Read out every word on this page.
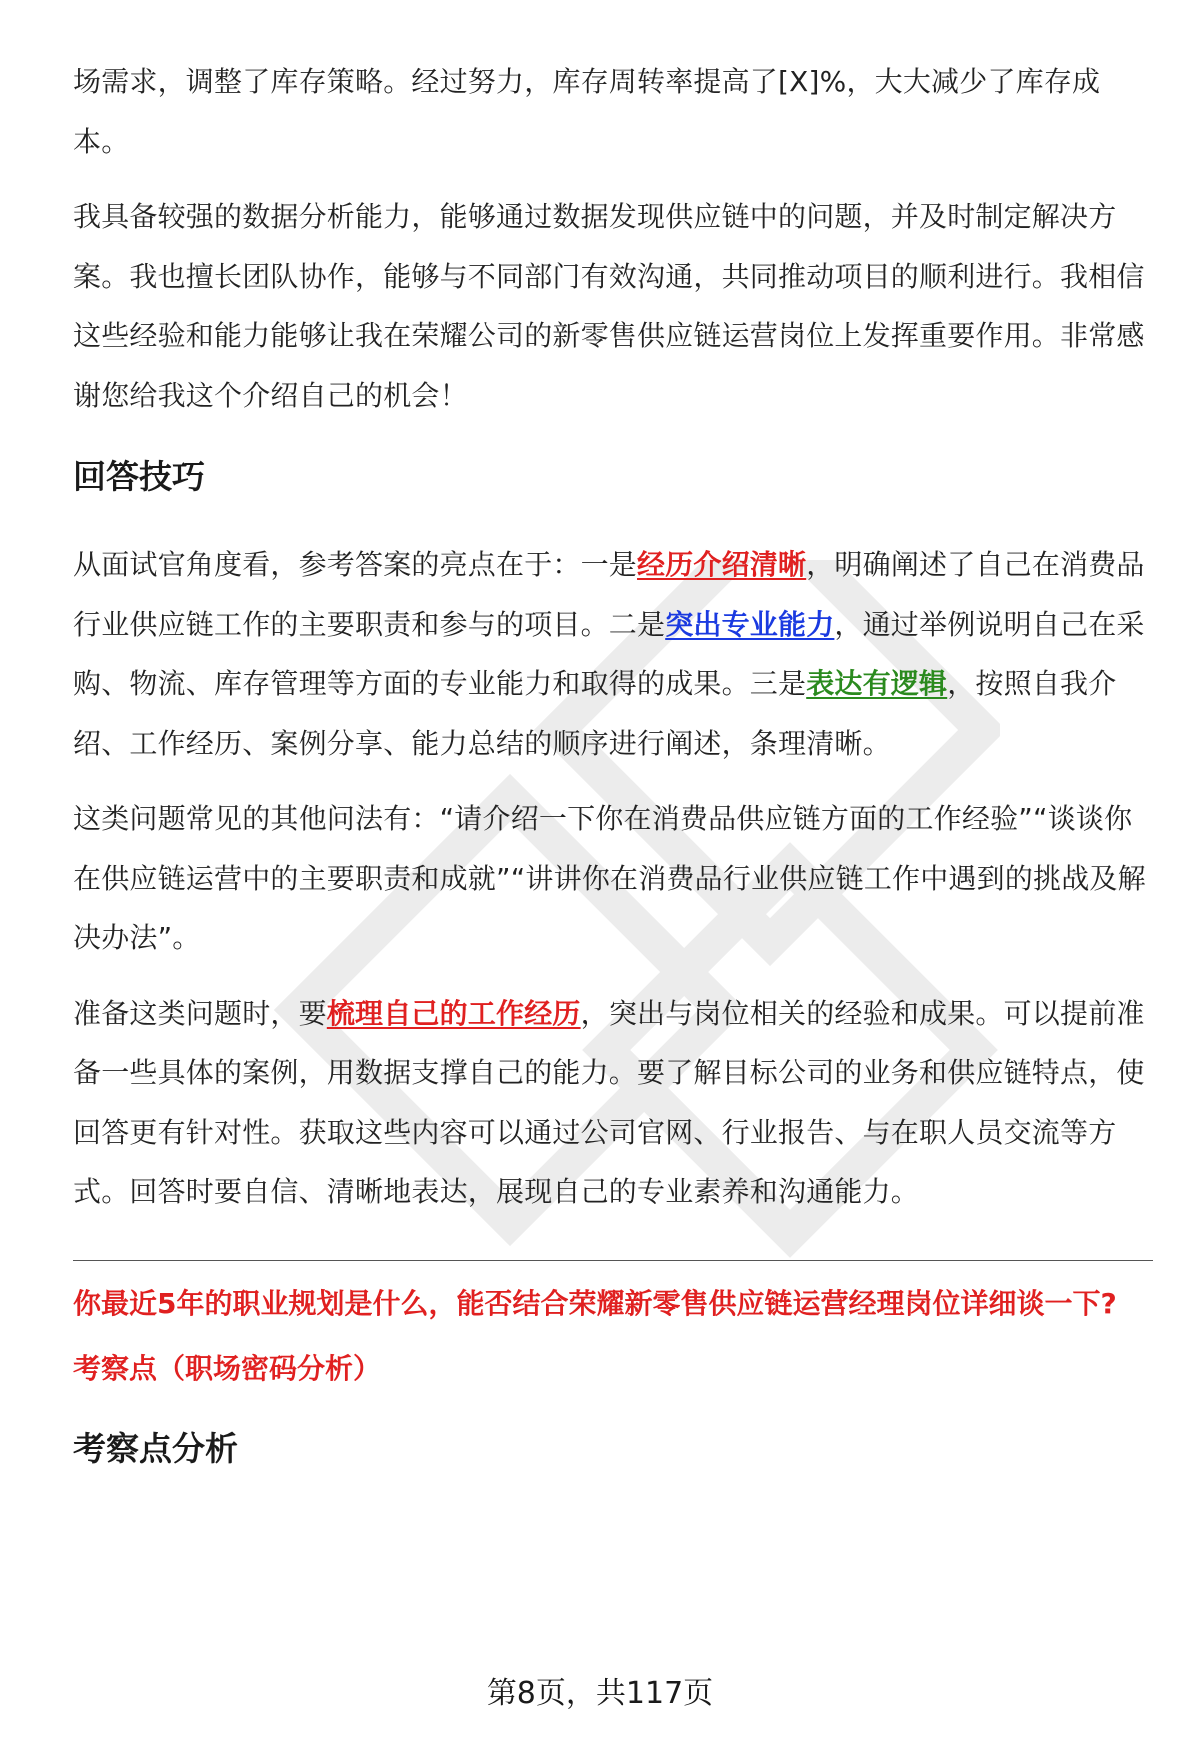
场需求，调整了库存策略。经过努力，库存周转率提高了[X]%，大大减少了库存成本。

我具备较强的数据分析能力，能够通过数据发现供应链中的问题，并及时制定解决方案。我也擅长团队协作，能够与不同部门有效沟通，共同推动项目的顺利进行。我相信这些经验和能力能够让我在荣耀公司的新零售供应链运营岗位上发挥重要作用。非常感谢您给我这个介绍自己的机会！

回答技巧

从面试官角度看，参考答案的亮点在于：一是经历介绍清晰，明确阐述了自己在消费品行业供应链工作的主要职责和参与的项目。二是突出专业能力，通过举例说明自己在采购、物流、库存管理等方面的专业能力和取得的成果。三是表达有逻辑，按照自我介绍、工作经历、案例分享、能力总结的顺序进行阐述，条理清晰。

这类问题常见的其他问法有：“请介绍一下你在消费品供应链方面的工作经验”“谈谈你在供应链运营中的主要职责和成就”“讲讲你在消费品行业供应链工作中遇到的挑战及解决办法”。

准备这类问题时，要梳理自己的工作经历，突出与岗位相关的经验和成果。可以提前准备一些具体的案例，用数据支撑自己的能力。要了解目标公司的业务和供应链特点，使回答更有针对性。获取这些内容可以通过公司官网、行业报告、与在职人员交流等方式。回答时要自信、清晰地表达，展现自己的专业素养和沟通能力。

你最近5年的职业规划是什么，能否结合荣耀新零售供应链运营经理岗位详细谈一下?
考察点（职场密码分析）
考察点分析
第8页，共117页
